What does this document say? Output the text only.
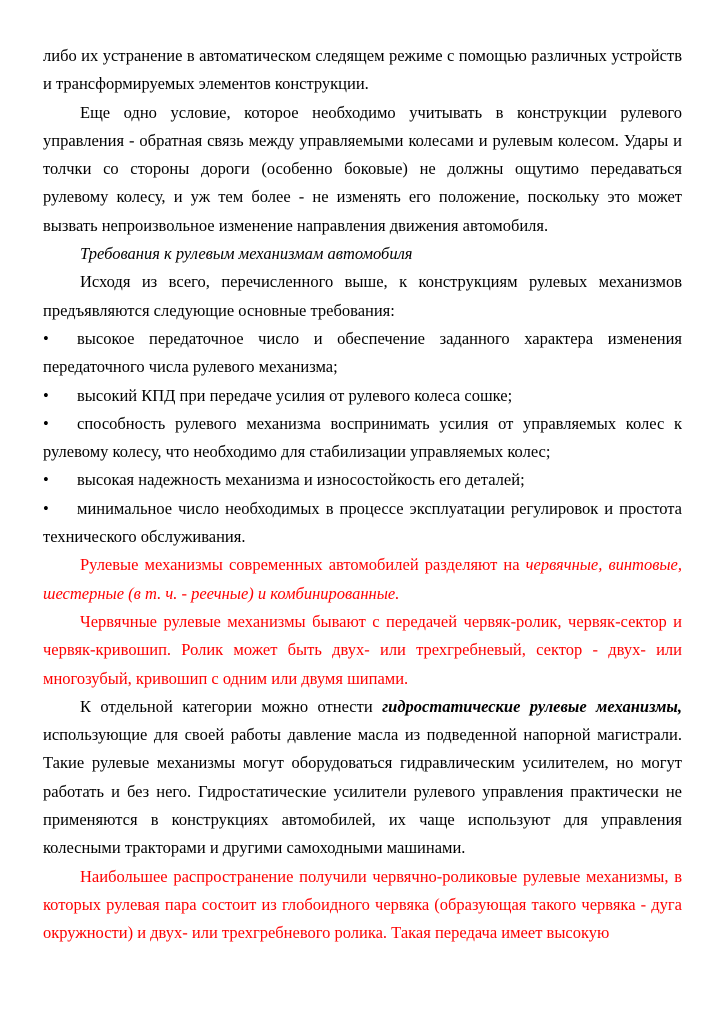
либо их устранение в автоматическом следящем режиме с помощью различных устройств и трансформируемых элементов конструкции.

Еще одно условие, которое необходимо учитывать в конструкции рулевого управления - обратная связь между управляемыми колесами и рулевым колесом. Удары и толчки со стороны дороги (особенно боковые) не должны ощутимо передаваться рулевому колесу, и уж тем более - не изменять его положение, поскольку это может вызвать непроизвольное изменение направления движения автомобиля.

Требования к рулевым механизмам автомобиля

Исходя из всего, перечисленного выше, к конструкциям рулевых механизмов предъявляются следующие основные требования:

• высокое передаточное число и обеспечение заданного характера изменения передаточного числа рулевого механизма;

• высокий КПД при передаче усилия от рулевого колеса сошке;

• способность рулевого механизма воспринимать усилия от управляемых колес к рулевому колесу, что необходимо для стабилизации управляемых колес;

• высокая надежность механизма и износостойкость его деталей;

• минимальное число необходимых в процессе эксплуатации регулировок и простота технического обслуживания.

Рулевые механизмы современных автомобилей разделяют на червячные, винтовые, шестерные (в т. ч. - реечные) и комбинированные.

Червячные рулевые механизмы бывают с передачей червяк-ролик, червяк-сектор и червяк-кривошип. Ролик может быть двух- или трехгребневый, сектор - двух- или многозубый, кривошип с одним или двумя шипами.

К отдельной категории можно отнести гидростатические рулевые механизмы, использующие для своей работы давление масла из подведенной напорной магистрали. Такие рулевые механизмы могут оборудоваться гидравлическим усилителем, но могут работать и без него. Гидростатические усилители рулевого управления практически не применяются в конструкциях автомобилей, их чаще используют для управления колесными тракторами и другими самоходными машинами.

Наибольшее распространение получили червячно-роликовые рулевые механизмы, в которых рулевая пара состоит из глобоидного червяка (образующая такого червяка - дуга окружности) и двух- или трехгребневого ролика. Такая передача имеет высокую
